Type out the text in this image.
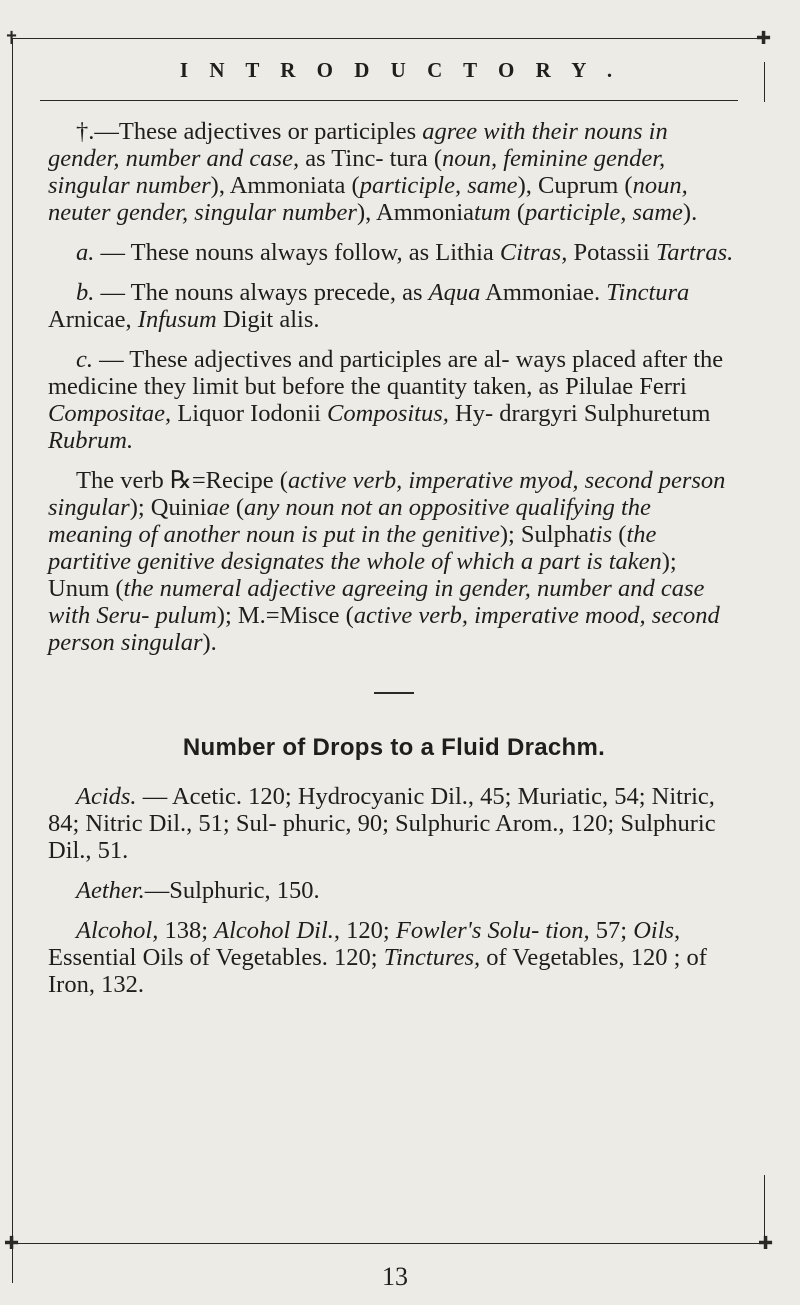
✝	✚
✚	✚
I N T R O D U C T O R Y .

†.—These adjectives or participles agree with their nouns in gender, number and case, as Tinc- tura (noun, feminine gender, singular number), Ammoniata (participle, same), Cuprum (noun, neuter gender, singular number), Ammoniatum (participle, same).

a. — These nouns always follow, as Lithia Citras, Potassii Tartras.

b. — The nouns always precede, as Aqua Ammoniae. Tinctura Arnicae, Infusum Digit alis.

c. — These adjectives and participles are al- ways placed after the medicine they limit but before the quantity taken, as Pilulae Ferri Compositae, Liquor Iodonii Compositus, Hy- drargyri Sulphuretum Rubrum.

The verb ℞=Recipe (active verb, imperative myod, second person singular); Quiniae (any noun not an oppositive qualifying the meaning of another noun is put in the genitive); Sulphatis (the partitive genitive designates the whole of which a part is taken); Unum (the numeral adjective agreeing in gender, number and case with Seru- pulum); M.=Misce (active verb, imperative mood, second person singular).

Number of Drops to a Fluid Drachm.

Acids. — Acetic. 120; Hydrocyanic Dil., 45; Muriatic, 54; Nitric, 84; Nitric Dil., 51; Sul- phuric, 90; Sulphuric Arom., 120; Sulphuric Dil., 51.

Aether.—Sulphuric, 150.

Alcohol, 138; Alcohol Dil., 120; Fowler's Solu- tion, 57; Oils, Essential Oils of Vegetables. 120; Tinctures, of Vegetables, 120 ; of Iron, 132.

13
